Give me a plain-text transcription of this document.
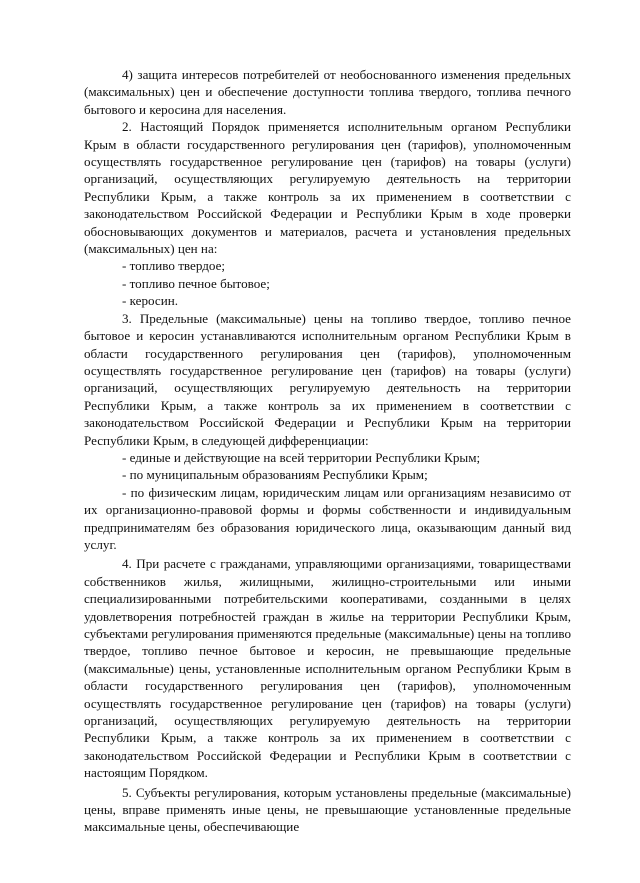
4) защита интересов потребителей от необоснованного изменения предельных (максимальных) цен и обеспечение доступности топлива твердого, топлива печного бытового и керосина для населения.

2. Настоящий Порядок применяется исполнительным органом Республики Крым в области государственного регулирования цен (тарифов), уполномоченным осуществлять государственное регулирование цен (тарифов) на товары (услуги) организаций, осуществляющих регулируемую деятельность на территории Республики Крым, а также контроль за их применением в соответствии с законодательством Российской Федерации и Республики Крым в ходе проверки обосновывающих документов и материалов, расчета и установления предельных (максимальных) цен на:

- топливо твердое;

- топливо печное бытовое;

- керосин.

3. Предельные (максимальные) цены на топливо твердое, топливо печное бытовое и керосин устанавливаются исполнительным органом Республики Крым в области государственного регулирования цен (тарифов), уполномоченным осуществлять государственное регулирование цен (тарифов) на товары (услуги) организаций, осуществляющих регулируемую деятельность на территории Республики Крым, а также контроль за их применением в соответствии с законодательством Российской Федерации и Республики Крым на территории Республики Крым, в следующей дифференциации:

- единые и действующие на всей территории Республики Крым;

- по муниципальным образованиям Республики Крым;

- по физическим лицам, юридическим лицам или организациям независимо от их организационно-правовой формы и формы собственности и индивидуальным предпринимателям без образования юридического лица, оказывающим данный вид услуг.

4. При расчете с гражданами, управляющими организациями, товариществами собственников жилья, жилищными, жилищно-строительными или иными специализированными потребительскими кооперативами, созданными в целях удовлетворения потребностей граждан в жилье на территории Республики Крым, субъектами регулирования применяются предельные (максимальные) цены на топливо твердое, топливо печное бытовое и керосин, не превышающие предельные (максимальные) цены, установленные исполнительным органом Республики Крым в области государственного регулирования цен (тарифов), уполномоченным осуществлять государственное регулирование цен (тарифов) на товары (услуги) организаций, осуществляющих регулируемую деятельность на территории Республики Крым, а также контроль за их применением в соответствии с законодательством Российской Федерации и Республики Крым в соответствии с настоящим Порядком.

5. Субъекты регулирования, которым установлены предельные (максимальные) цены, вправе применять иные цены, не превышающие установленные предельные максимальные цены, обеспечивающие
